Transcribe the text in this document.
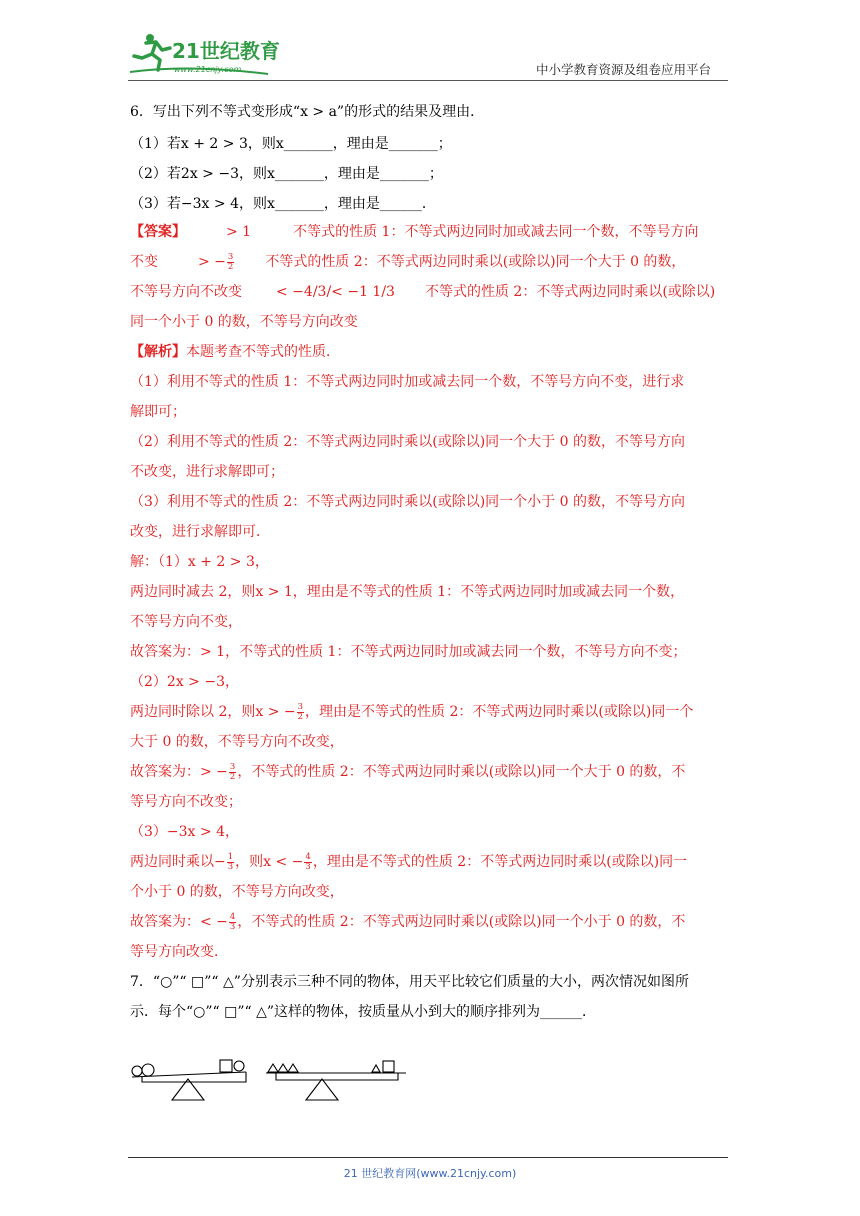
21世纪教育
www.21cnjy.com	中小学教育资源及组卷应用平台
6．写出下列不等式变形成“x > a”的形式的结果及理由．
（1）若x + 2 > 3，则x_______，理由是_______；
（2）若2x > −3，则x_______，理由是_______；
（3）若−3x > 4，则x_______，理由是______．
【答案】	> 1	不等式的性质 1：不等式两边同时加或减去同一个数，不等号方向
不变	> − $\frac{3}{2}$ 不等式的性质 2：不等式两边同时乘以(或除以)同一个大于 0 的数，
不等号方向不改变 < −4/3/< −1 1/3 不等式的性质 2：不等式两边同时乘以(或除以)
同一个小于 0 的数，不等号方向改变
【解析】本题考查不等式的性质．
（1）利用不等式的性质 1：不等式两边同时加或减去同一个数，不等号方向不变，进行求
解即可；
（2）利用不等式的性质 2：不等式两边同时乘以(或除以)同一个大于 0 的数，不等号方向
不改变，进行求解即可；
（3）利用不等式的性质 2：不等式两边同时乘以(或除以)同一个小于 0 的数，不等号方向
改变，进行求解即可．
解：（1）x + 2 > 3，
两边同时减去 2，则x > 1，理由是不等式的性质 1：不等式两边同时加或减去同一个数，
不等号方向不变，
故答案为：> 1，不等式的性质 1：不等式两边同时加或减去同一个数，不等号方向不变；
（2）2x > −3，
两边同时除以 2，则x > − $\frac{3}{2}$ ，理由是不等式的性质 2：不等式两边同时乘以(或除以)同一个
大于 0 的数，不等号方向不改变，
故答案为：> − $\frac{3}{2}$ ，不等式的性质 2：不等式两边同时乘以(或除以)同一个大于 0 的数，不
等号方向不改变；
（3）−3x > 4，
两边同时乘以− $\frac{1}{3}$ ，则x < − $\frac{4}{3}$ ，理由是不等式的性质 2：不等式两边同时乘以(或除以)同一
个小于 0 的数，不等号方向改变，
故答案为：< − $\frac{4}{3}$ ，不等式的性质 2：不等式两边同时乘以(或除以)同一个小于 0 的数，不
等号方向改变．
7．“○”“ □”“ △”分别表示三种不同的物体，用天平比较它们质量的大小，两次情况如图所
示．每个“○”“ □”“ △”这样的物体，按质量从小到大的顺序排列为______．
21 世纪教育网(www.21cnjy.com)
